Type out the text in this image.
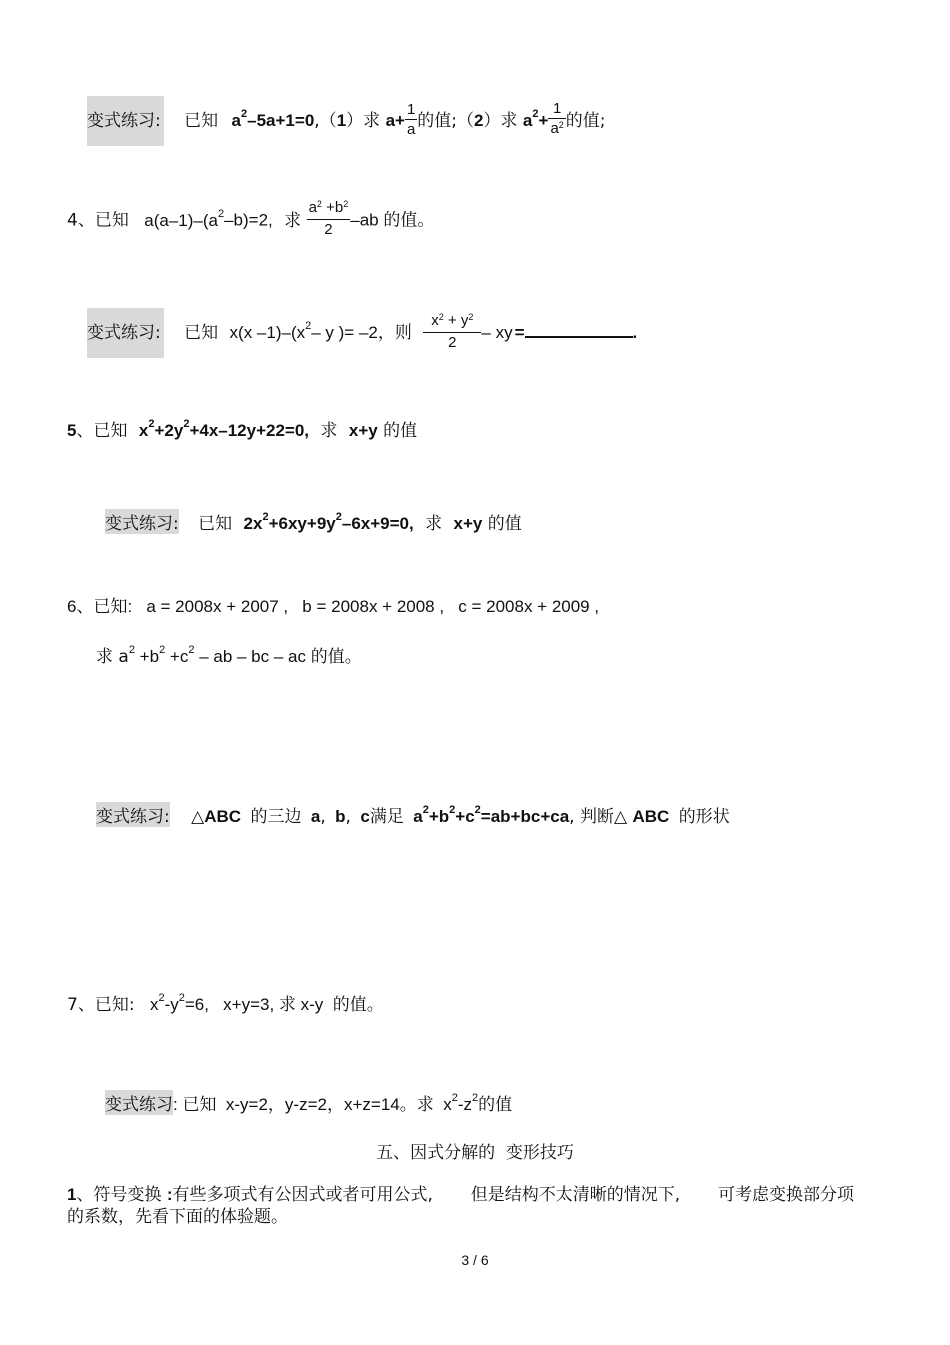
变式练习: 已知 $a^2-5a+1=0,(1)$求 $a+ \frac{1}{a}$ 的值;（2）求 $a^2+ \frac{1}{a^2}$ 的值;
4、已知 $a(a-1)-(a^2-b)=2$, 求 $\frac{a^2 +b^2}{2} -ab$ 的值。
变式练习: 已知 x(x $-1)-(x^2-$ y )= –2，则 $\frac{x^2 + y^2}{2}$ – xy =	.
5、已知 $x^2+2y^2+4x-12y+22=0$, 求 x+y 的值
变式练习: 已知 $2x^2+6xy+9y^2-6x+9=0$, 求 x+y 的值
6、已知:   a = 2008x + 2007 ,   b = 2008x + 2008 ,   c = 2008x + 2009 ,
求 $a^2 +b^2 +c^2$ – ab – bc – ac 的值。
变式练习: △ABC 的三边 a, b, c满足 $a^2+b^2+c^2=ab+bc+ca$, 判断△ ABC 的形状
7、已知: $x^2-y^2=6$,   x+y=3, 求 x-y  的值。
变式练习: 已知  x-y=2，y-z=2，x+z=14。求  $x^2-z^2$的值
五、因式分解的  变形技巧
1、符号变换 :有些多项式有公因式或者可用公式,       但是结构不太清晰的情况下,       可考虑变换部分项
的系数，先看下面的体验题。
3 / 6
